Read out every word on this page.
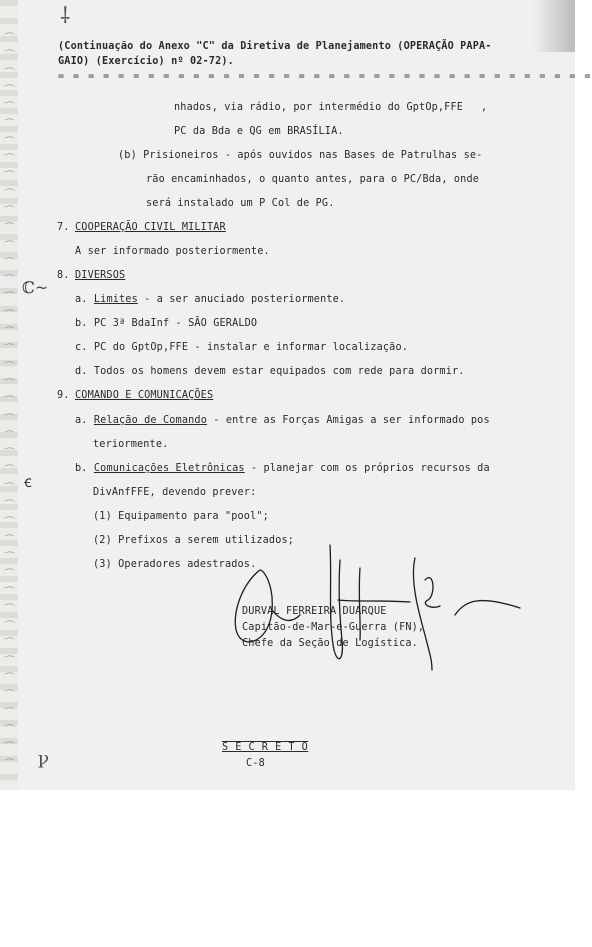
⌒
⌒
⌒
⌒
⌒
⌒
⌒
⌒
⌒
⌒
⌒
⌒
⌒
⌒
⌒
⌒
⌒
⌒
⌒
⌒
⌒
⌒
⌒
⌒
⌒
⌒
⌒
⌒
⌒
⌒
⌒
⌒
⌒
⌒
⌒
⌒
⌒
⌒
⌒
⌒
⌒
⌒
⌒
⸸
(Continuação do Anexo "C" da Diretiva de Planejamento (OPERAÇÃO PAPA-
GAIO) (Exercício) nº 02-72).
= = = = = = = = = = = = = = = = = = = = = = = = = = = = = = = = = = = =
nhados, via rádio, por intermédio do GptOp,FFE ,
PC da Bda e QG em BRASÍLIA.
(b) Prisioneiros - após ouvidos nas Bases de Patrulhas se-
rão encaminhados, o quanto antes, para o PC/Bda, onde
será instalado um P Col de PG.
7. COOPERAÇÃO CIVIL MILITAR
A ser informado posteriormente.
8. DIVERSOS
a. Limites - a ser anuciado posteriormente.
b. PC 3ª BdaInf - SÃO GERALDO
c. PC do GptOp,FFE - instalar e informar localização.
d. Todos os homens devem estar equipados com rede para dormir.
9. COMANDO E COMUNICAÇÕES
a. Relação de Comando - entre as Forças Amigas a ser informado pos
teriormente.
b. Comunicações Eletrônicas - planejar com os próprios recursos da
DivAnfFFE, devendo prever:
(1) Equipamento para "pool";
(2) Prefixos a serem utilizados;
(3) Operadores adestrados.
DURVAL FERREIRA DUARQUE
Capitão-de-Mar-e-Guerra (FN),
Chefe da Seção de Logística.
ℂ~
ꞓ
ꝩ
S E C R E T O
C-8
